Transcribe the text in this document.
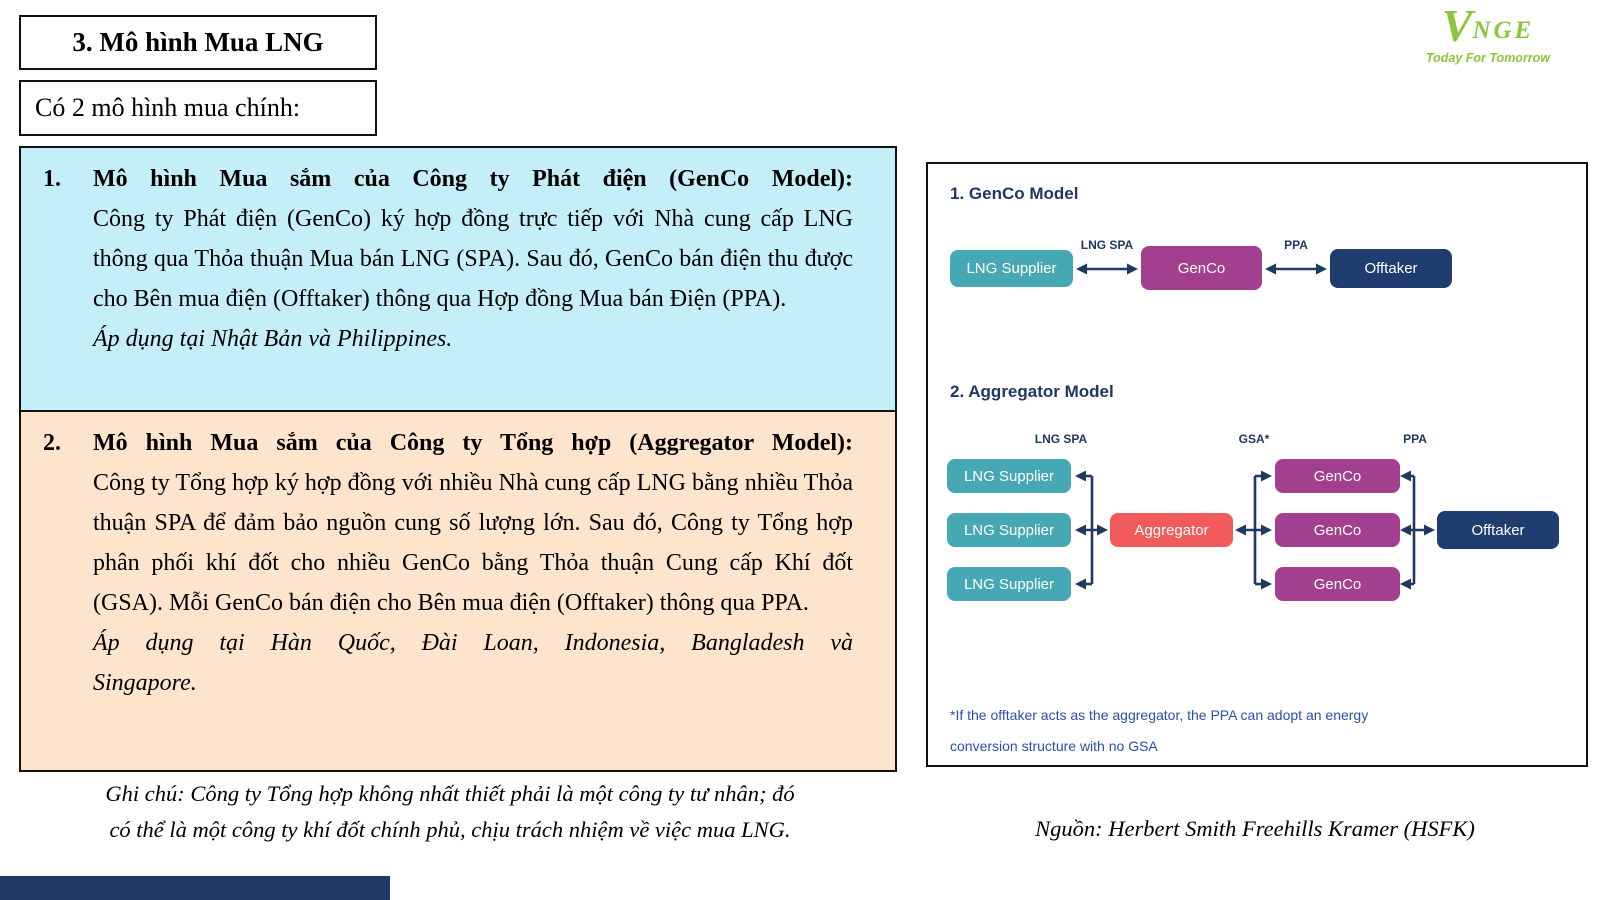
3. Mô hình Mua LNG
Có 2 mô hình mua chính:
1.	Mô hình Mua sắm của Công ty Phát điện (GenCo Model):
Công ty Phát điện (GenCo) ký hợp đồng trực tiếp với Nhà cung cấp LNG thông qua Thỏa thuận Mua bán LNG (SPA). Sau đó, GenCo bán điện thu được cho Bên mua điện (Offtaker) thông qua Hợp đồng Mua bán Điện (PPA).
Áp dụng tại Nhật Bản và Philippines.
2.	Mô hình Mua sắm của Công ty Tổng hợp (Aggregator Model):
Công ty Tổng hợp ký hợp đồng với nhiều Nhà cung cấp LNG bằng nhiều Thỏa thuận SPA để đảm bảo nguồn cung số lượng lớn. Sau đó, Công ty Tổng hợp phân phối khí đốt cho nhiều GenCo bằng Thỏa thuận Cung cấp Khí đốt (GSA). Mỗi GenCo bán điện cho Bên mua điện (Offtaker) thông qua PPA.
Áp dụng tại Hàn Quốc, Đài Loan, Indonesia, Bangladesh và Singapore.
Ghi chú: Công ty Tổng hợp không nhất thiết phải là một công ty tư nhân; đó
có thể là một công ty khí đốt chính phủ, chịu trách nhiệm về việc mua LNG.
V NGE
Today For Tomorrow
1. GenCo Model
LNG SPA	PPA
LNG Supplier	GenCo	Offtaker
2. Aggregator Model
LNG SPA	GSA*	PPA
LNG Supplier
LNG Supplier
LNG Supplier
Aggregator
GenCo
GenCo
GenCo
Offtaker
*If the offtaker acts as the aggregator, the PPA can adopt an energy
conversion structure with no GSA
Nguồn: Herbert Smith Freehills Kramer (HSFK)
